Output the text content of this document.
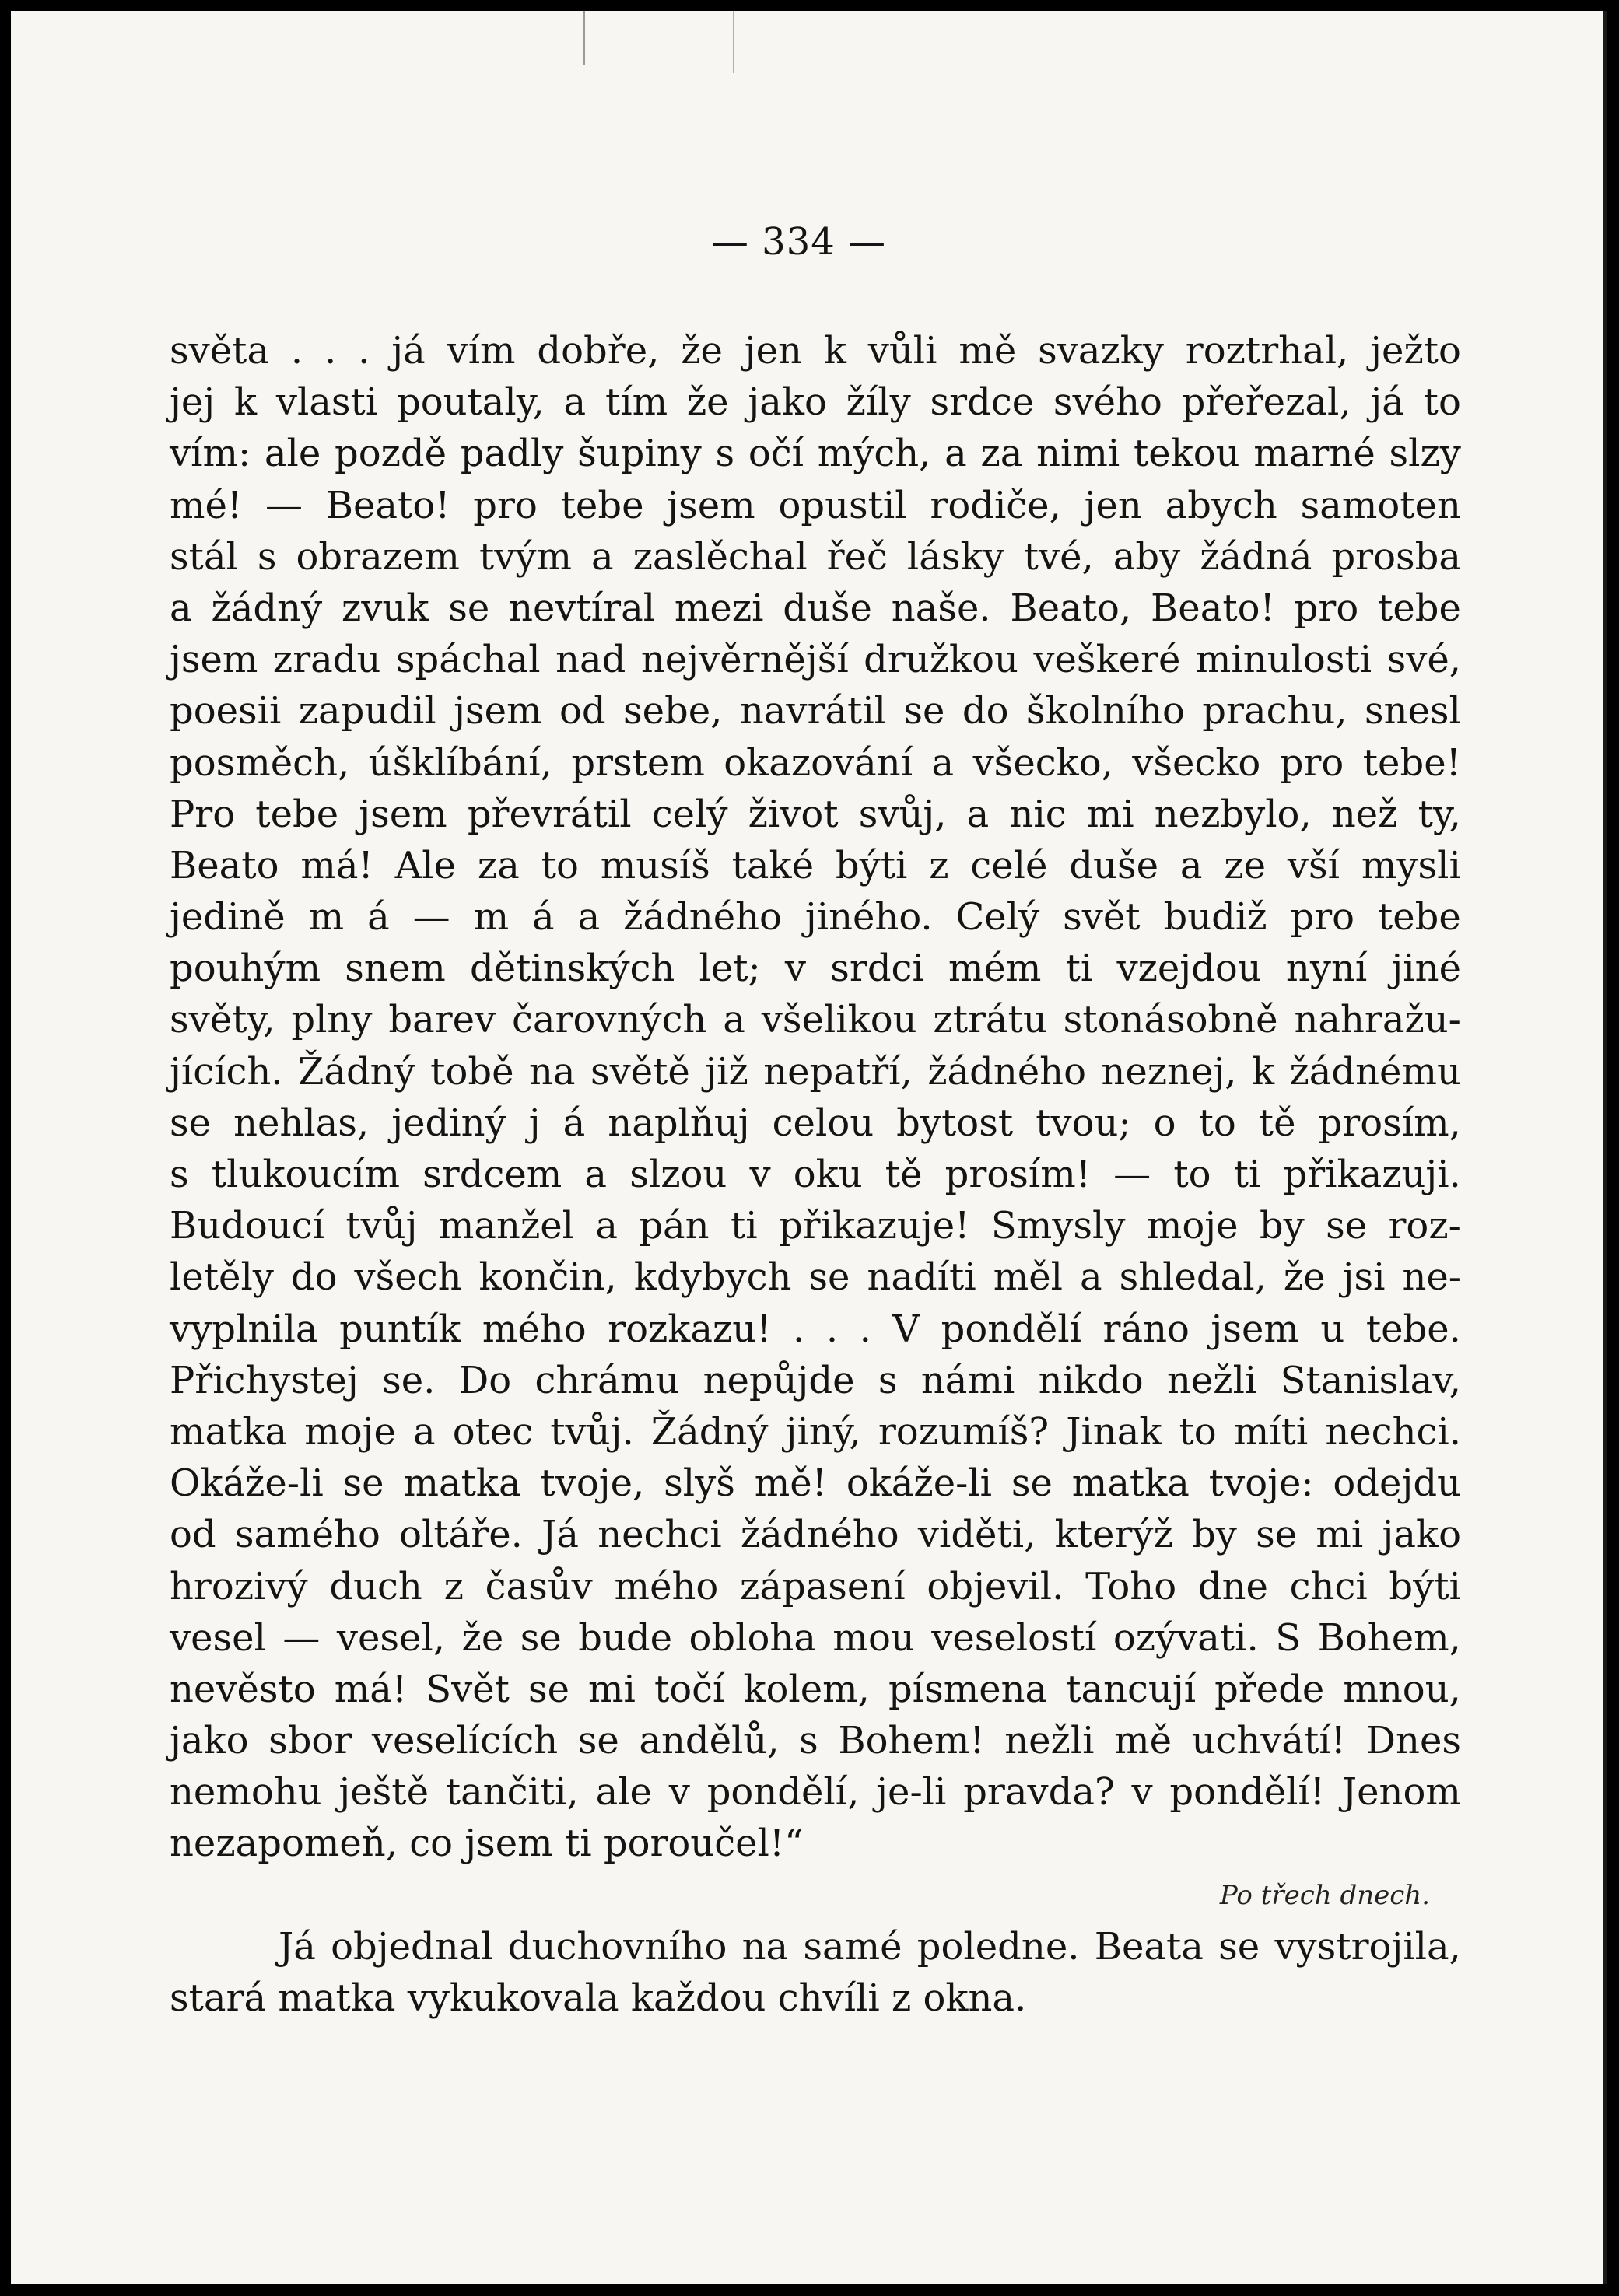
— 334 —
světa . . . já vím dobře, že jen k vůli mě svazky roztrhal, ježto
jej k vlasti poutaly, a tím že jako žíly srdce svého přeřezal, já to
vím: ale pozdě padly šupiny s očí mých, a za nimi tekou marné slzy
mé! — Beato! pro tebe jsem opustil rodiče, jen abych samoten
stál s obrazem tvým a zaslěchal řeč lásky tvé, aby žádná prosba
a žádný zvuk se nevtíral mezi duše naše. Beato, Beato! pro tebe
jsem zradu spáchal nad nejvěrnější družkou veškeré minulosti své,
poesii zapudil jsem od sebe, navrátil se do školního prachu, snesl
posměch, úšklíbání, prstem okazování a všecko, všecko pro tebe!
Pro tebe jsem převrátil celý život svůj, a nic mi nezbylo, než ty,
Beato má! Ale za to musíš také býti z celé duše a ze vší mysli
jedině m á — m á a žádného jiného. Celý svět budiž pro tebe
pouhým snem dětinských let; v srdci mém ti vzejdou nyní jiné
světy, plny barev čarovných a všelikou ztrátu stonásobně nahražu-
jících. Žádný tobě na světě již nepatří, žádného neznej, k žádnému
se nehlas, jediný j á naplňuj celou bytost tvou; o to tě prosím,
s tlukoucím srdcem a slzou v oku tě prosím! — to ti přikazuji.
Budoucí tvůj manžel a pán ti přikazuje! Smysly moje by se roz-
letěly do všech končin, kdybych se nadíti měl a shledal, že jsi ne-
vyplnila puntík mého rozkazu! . . . V pondělí ráno jsem u tebe.
Přichystej se. Do chrámu nepůjde s námi nikdo nežli Stanislav,
matka moje a otec tvůj. Žádný jiný, rozumíš? Jinak to míti nechci.
Okáže-li se matka tvoje, slyš mě! okáže-li se matka tvoje: odejdu
od samého oltáře. Já nechci žádného viděti, kterýž by se mi jako
hrozivý duch z časův mého zápasení objevil. Toho dne chci býti
vesel — vesel, že se bude obloha mou veselostí ozývati. S Bohem,
nevěsto má! Svět se mi točí kolem, písmena tancují přede mnou,
jako sbor veselících se andělů, s Bohem! nežli mě uchvátí! Dnes
nemohu ještě tančiti, ale v pondělí, je-li pravda? v pondělí! Jenom
nezapomeň, co jsem ti poroučel!“
Po třech dnech.
Já objednal duchovního na samé poledne. Beata se vystrojila,
stará matka vykukovala každou chvíli z okna.
